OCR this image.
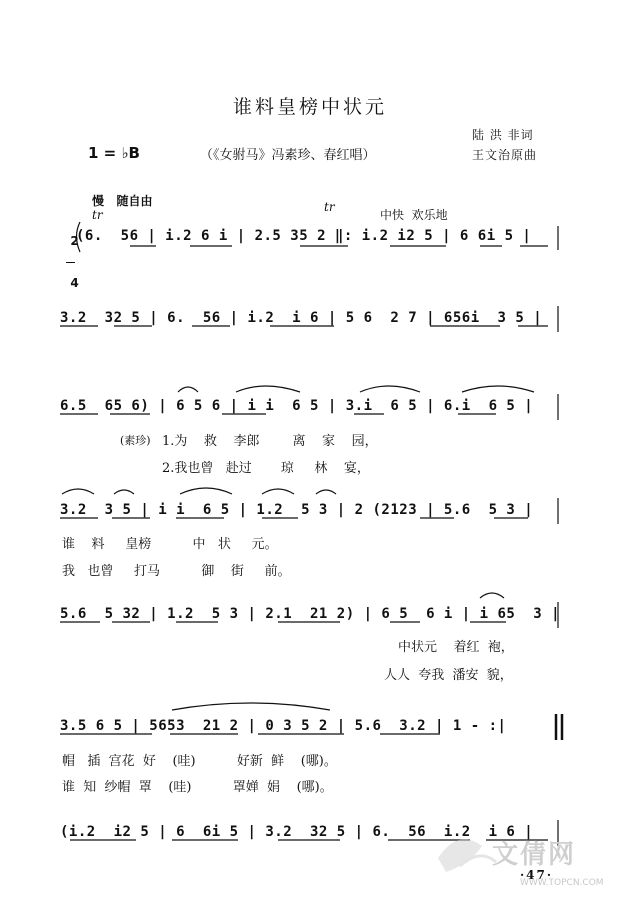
谁料皇榜中状元
1 = ♭B	（《女驸马》冯素珍、春红唱）
陆 洪 非词
王文治原曲
慢   随自由
中快  欢乐地
tr
tr

2

4

(6.  56 | i.2 6 i | 2.5 35 2 ‖: i.2 i2 5 | 6 6i 5 |
3.2  32 5 | 6.  56 | i.2  i 6 | 5 6  2 7 | 656i  3 5 |
6.5  65 6) | 6 5 6 | i i  6 5 | 3.i  6 5 | 6.i  6 5 |
(素珍) 1.为    救    李郎        离    家    园，
2.我也曾   赴过       琼     林    宴，
3.2  3 5 | i i  6 5 | 1.2  5 3 | 2 (2123 | 5.6  5 3 |
谁    料     皇榜          中   状     元。
我   也曾     打马          御    街     前。
5.6  5 32 | 1.2  5 3 | 2.1  21 2) | 6 5  6 i | i 65  3 |
中状元    着红  袍，
人人  夸我  潘安  貌，
3.5 6 5 | 5653  21 2 | 0 3 5 2 | 5.6  3.2 | 1 - :|
帽   插  宫花  好    (哇)          好新  鲜    (哪)。
谁  知  纱帽  罩    (哇)          罩婵  娟    (哪)。
(i.2  i2 5 | 6  6i 5 | 3.2  32 5 | 6.  56  i.2  i 6 |
·47·
文倩网
WWW.TOPCN.COM
